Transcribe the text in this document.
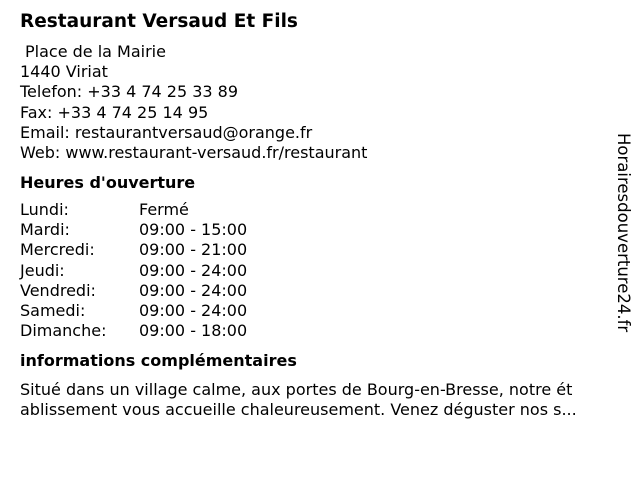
Restaurant Versaud Et Fils
Place de la Mairie
1440 Viriat
Telefon: +33 4 74 25 33 89
Fax: +33 4 74 25 14 95
Email: restaurantversaud@orange.fr
Web: www.restaurant-versaud.fr/restaurant
Heures d'ouverture
Lundi:	Fermé
Mardi:	09:00 - 15:00
Mercredi:	09:00 - 21:00
Jeudi:	09:00 - 24:00
Vendredi:	09:00 - 24:00
Samedi:	09:00 - 24:00
Dimanche:	09:00 - 18:00
informations complémentaires
Situé dans un village calme, aux portes de Bourg-en-Bresse, notre ét
ablissement vous accueille chaleureusement. Venez déguster nos s...
Horairesdouverture24.fr
